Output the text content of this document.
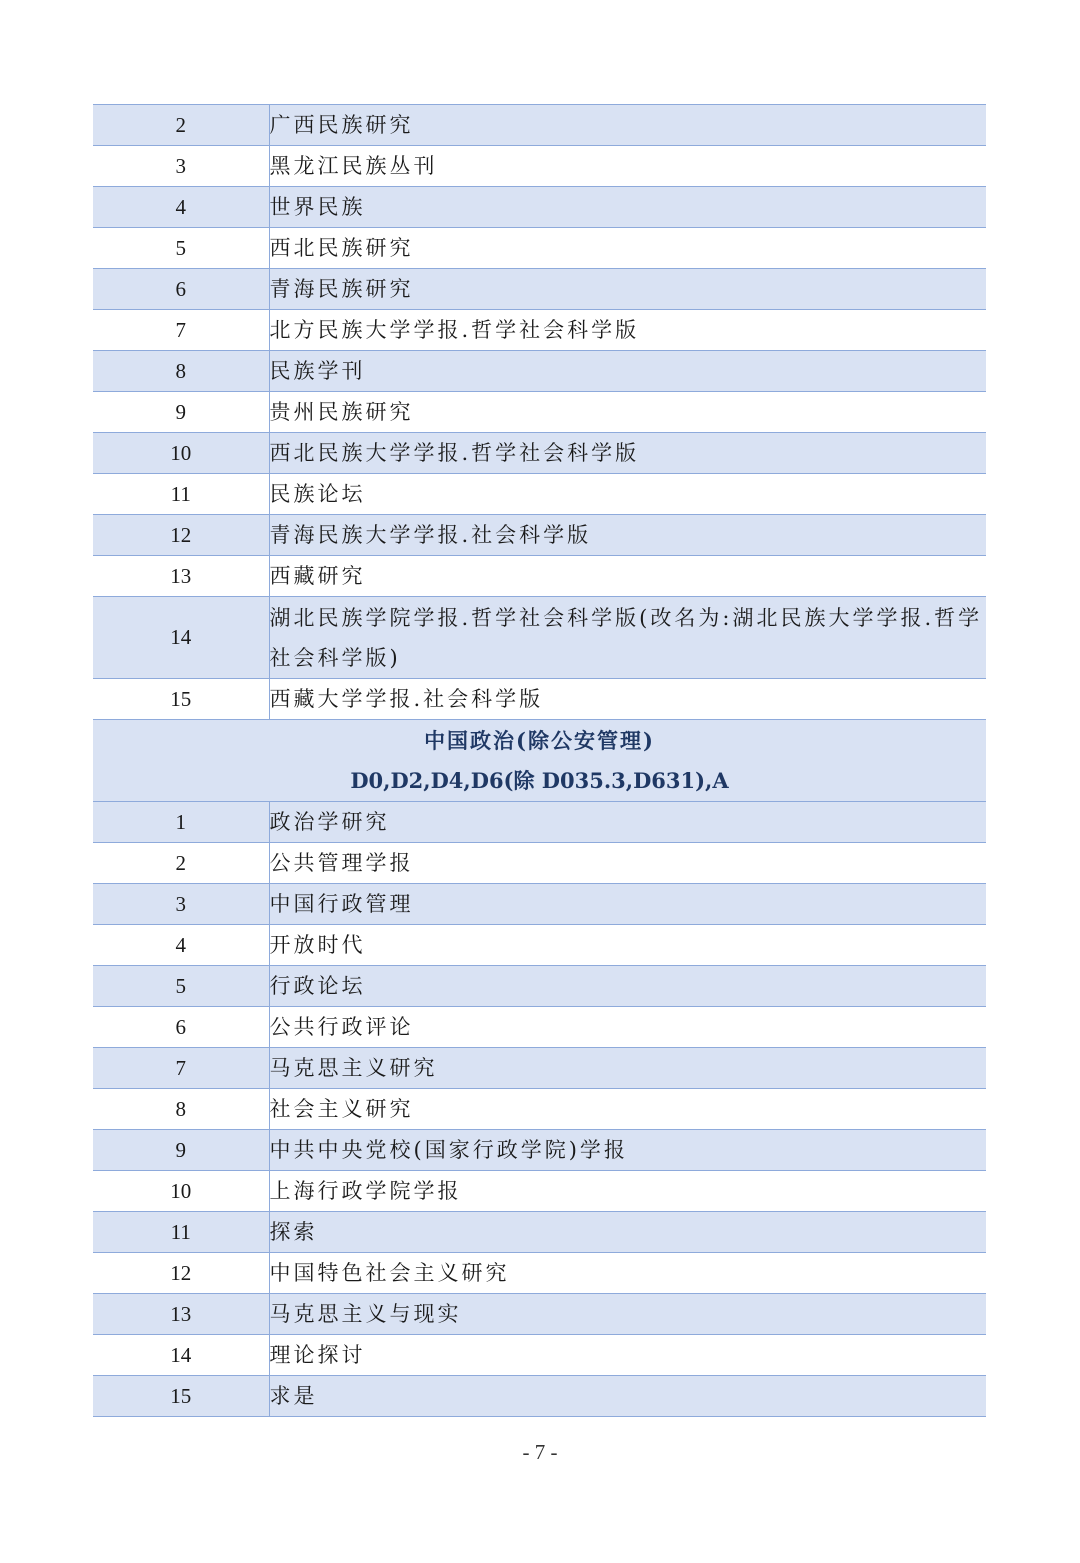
2	广西民族研究
3	黑龙江民族丛刊
4	世界民族
5	西北民族研究
6	青海民族研究
7	北方民族大学学报.哲学社会科学版
8	民族学刊
9	贵州民族研究
10	西北民族大学学报.哲学社会科学版
11	民族论坛
12	青海民族大学学报.社会科学版
13	西藏研究
14	湖北民族学院学报.哲学社会科学版(改名为:湖北民族大学学报.哲学社会科学版)
15	西藏大学学报.社会科学版

中国政治(除公安管理)
D0,D2,D4,D6(除 D035.3,D631),A	

1	政治学研究
2	公共管理学报
3	中国行政管理
4	开放时代
5	行政论坛
6	公共行政评论
7	马克思主义研究
8	社会主义研究
9	中共中央党校(国家行政学院)学报
10	上海行政学院学报
11	探索
12	中国特色社会主义研究
13	马克思主义与现实
14	理论探讨
15	求是
- 7 -
